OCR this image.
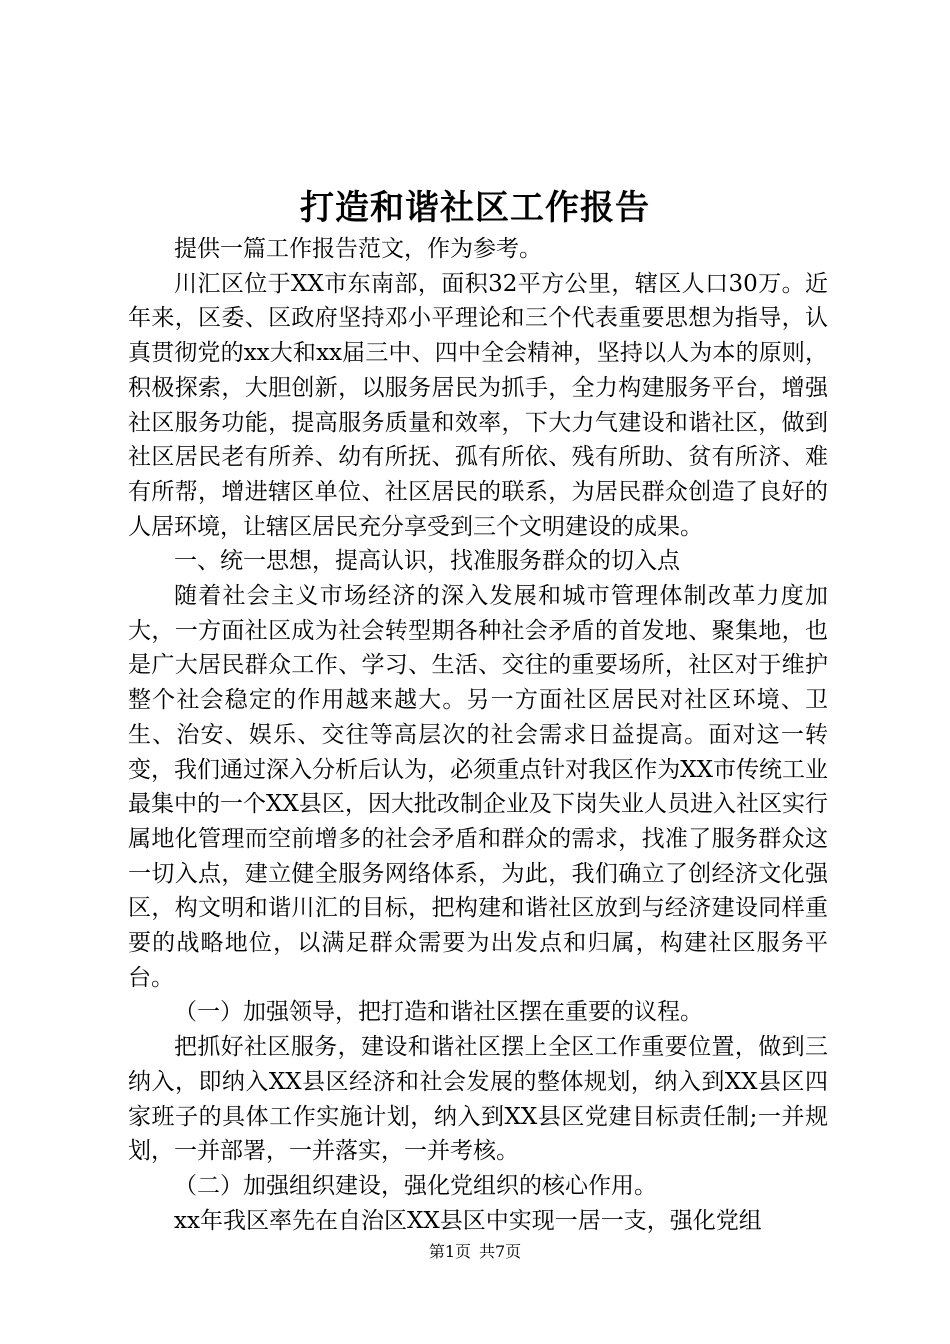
打造和谐社区工作报告

提供一篇工作报告范文，作为参考。

川汇区位于XX市东南部，面积32平方公里，辖区人口30万。近年来，区委、区政府坚持邓小平理论和三个代表重要思想为指导，认真贯彻党的xx大和xx届三中、四中全会精神，坚持以人为本的原则，积极探索，大胆创新，以服务居民为抓手，全力构建服务平台，增强社区服务功能，提高服务质量和效率，下大力气建设和谐社区，做到社区居民老有所养、幼有所抚、孤有所依、残有所助、贫有所济、难有所帮，增进辖区单位、社区居民的联系，为居民群众创造了良好的人居环境，让辖区居民充分享受到三个文明建设的成果。

一、统一思想，提高认识，找准服务群众的切入点

随着社会主义市场经济的深入发展和城市管理体制改革力度加大，一方面社区成为社会转型期各种社会矛盾的首发地、聚集地，也是广大居民群众工作、学习、生活、交往的重要场所，社区对于维护整个社会稳定的作用越来越大。另一方面社区居民对社区环境、卫生、治安、娱乐、交往等高层次的社会需求日益提高。面对这一转变，我们通过深入分析后认为，必须重点针对我区作为XX市传统工业最集中的一个XX县区，因大批改制企业及下岗失业人员进入社区实行属地化管理而空前增多的社会矛盾和群众的需求，找准了服务群众这一切入点，建立健全服务网络体系，为此，我们确立了创经济文化强区，构文明和谐川汇的目标，把构建和谐社区放到与经济建设同样重要的战略地位，以满足群众需要为出发点和归属，构建社区服务平台。

（一）加强领导，把打造和谐社区摆在重要的议程。

把抓好社区服务，建设和谐社区摆上全区工作重要位置，做到三纳入，即纳入XX县区经济和社会发展的整体规划，纳入到XX县区四家班子的具体工作实施计划，纳入到XX县区党建目标责任制;一并规划，一并部署，一并落实，一并考核。

（二）加强组织建设，强化党组织的核心作用。

xx年我区率先在自治区XX县区中实现一居一支，强化党组

第1页 共7页
